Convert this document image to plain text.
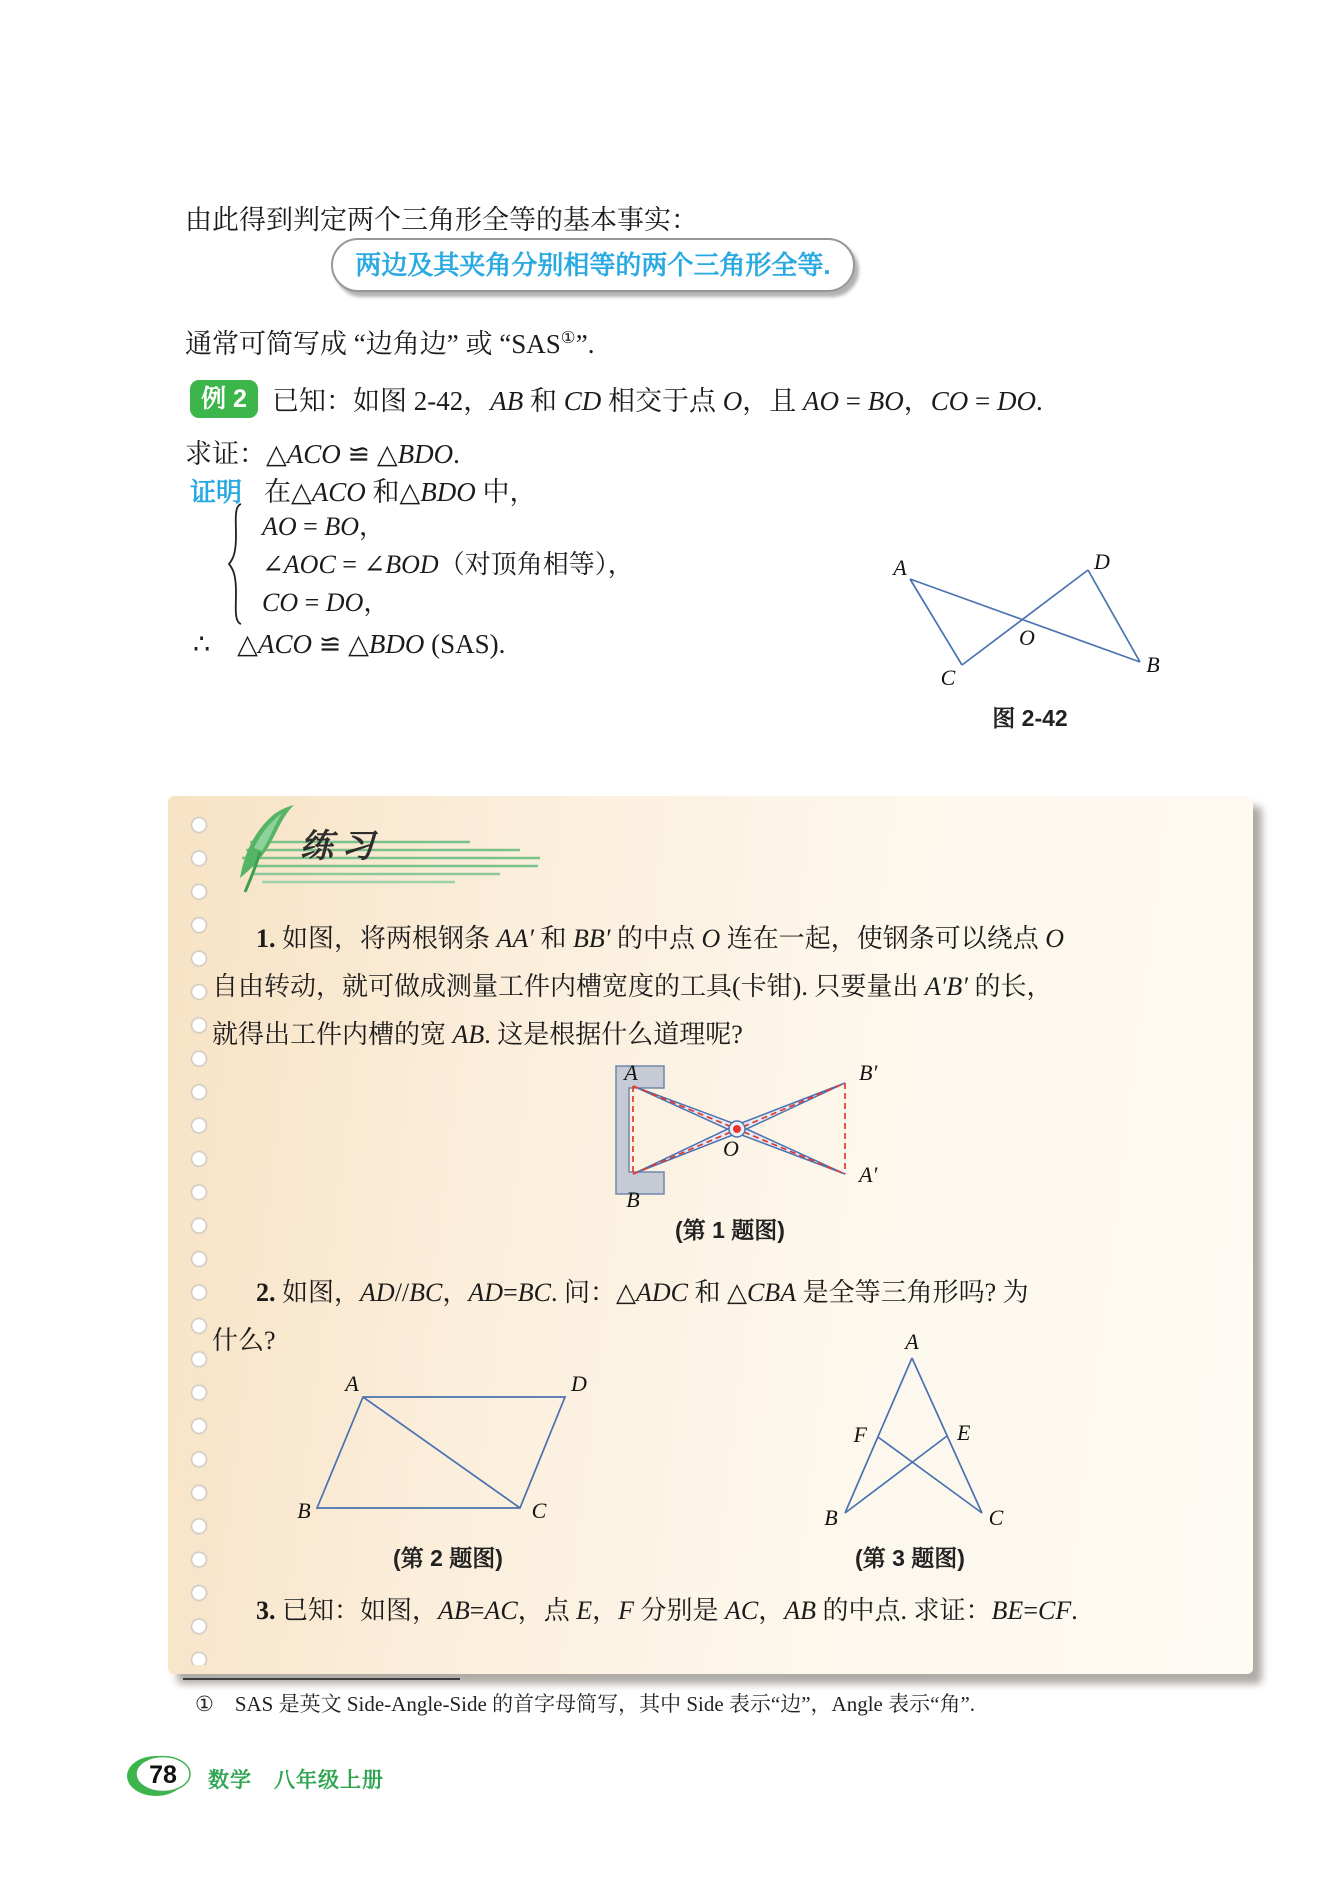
由此得到判定两个三角形全等的基本事实：
两边及其夹角分别相等的两个三角形全等.
通常可简写成 “边角边” 或 “SAS①”.
例 2 已知：如图 2-42，AB 和 CD 相交于点 O，且 AO = BO，CO = DO.
求证：△ACO ≌ △BDO.
证明 在△ACO 和△BDO 中，
AO = BO，
∠AOC = ∠BOD（对顶角相等），
CO = DO，
∴　△ACO ≌ △BDO (SAS).
A	D
O
C
B
图 2-42
练习
1. 如图，将两根钢条 AA′ 和 BB′ 的中点 O 连在一起，使钢条可以绕点 O
自由转动，就可做成测量工件内槽宽度的工具(卡钳). 只要量出 A′B′ 的长，
就得出工件内槽的宽 AB. 这是根据什么道理呢?
A
B
B′
A′
O
(第 1 题图)
2. 如图，AD//BC，AD=BC. 问：△ADC 和 △CBA 是全等三角形吗? 为
什么?
A	D
B	C
(第 2 题图)
A
F	E
B	C
(第 3 题图)
3. 已知：如图，AB=AC，点 E，F 分别是 AC，AB 的中点. 求证：BE=CF.
①　SAS 是英文 Side-Angle-Side 的首字母简写，其中 Side 表示“边”，Angle 表示“角”.
78 数学　八年级上册
